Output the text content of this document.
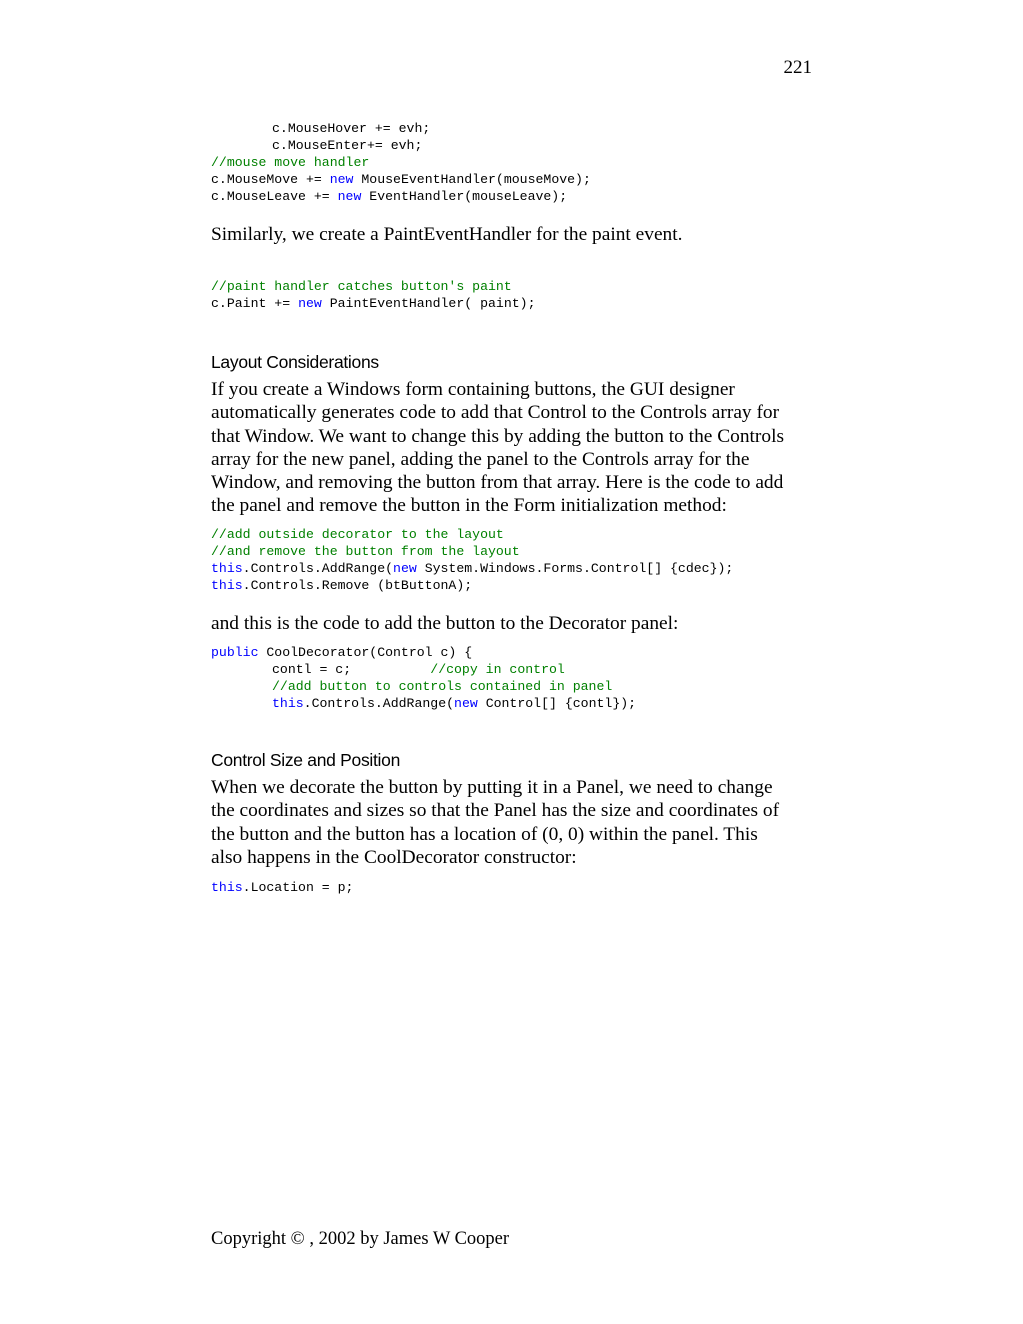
221
c.MouseHover += evh;
c.MouseEnter+= evh;
//mouse move handler
c.MouseMove += new MouseEventHandler(mouseMove);
c.MouseLeave += new EventHandler(mouseLeave);

Similarly, we create a PaintEventHandler for the paint event.

//paint handler catches button's paint
c.Paint += new PaintEventHandler( paint);
Layout Considerations
If you create a Windows form containing buttons, the GUI designer
automatically generates code to add that Control to the Controls array for
that Window. We want to change this by adding the button to the Controls
array for the new panel, adding the panel to the Controls array for the
Window, and removing the button from that array. Here is the code to add
the panel and remove the button in the Form initialization method:
//add outside decorator to the layout
//and remove the button from the layout
this.Controls.AddRange(new System.Windows.Forms.Control[] {cdec});
this.Controls.Remove (btButtonA);

and this is the code to add the button to the Decorator panel:

public CoolDecorator(Control c) {
contl = c;          //copy in control
//add button to controls contained in panel
this.Controls.AddRange(new Control[] {contl});
Control Size and Position
When we decorate the button by putting it in a Panel, we need to change
the coordinates and sizes so that the Panel has the size and coordinates of
the button and the button has a location of (0, 0) within the panel. This
also happens in the CoolDecorator constructor:
this.Location = p;
Copyright © , 2002 by James W Cooper
